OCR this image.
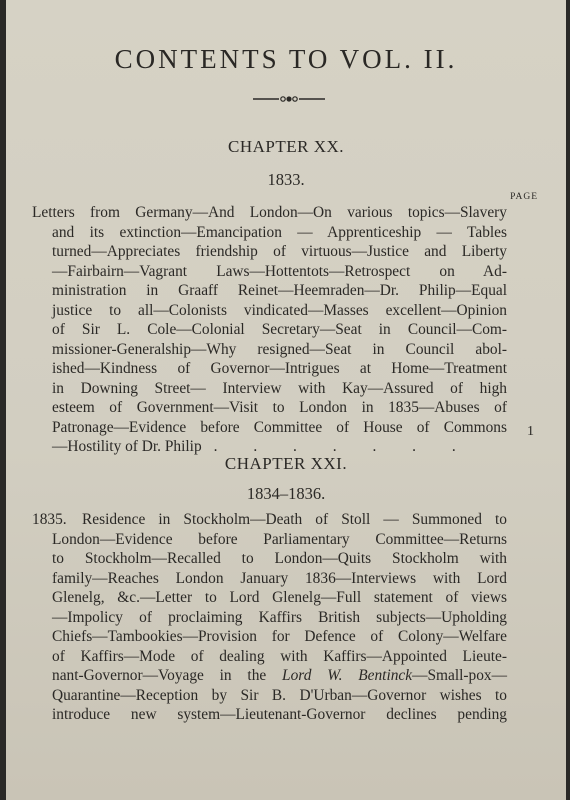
CONTENTS TO VOL. II.
CHAPTER XX.
1833.
PAGE
Letters from Germany—And London—On various topics—Slavery
and its extinction—Emancipation — Apprenticeship — Tables
turned—Appreciates friendship of virtuous—Justice and Liberty
—Fairbairn—Vagrant Laws—Hottentots—Retrospect on Ad-
ministration in Graaff Reinet—Heemraden—Dr. Philip—Equal
justice to all—Colonists vindicated—Masses excellent—Opinion
of Sir L. Cole—Colonial Secretary—Seat in Council—Com-
missioner-Generalship—Why resigned—Seat in Council abol-
ished—Kindness of Governor—Intrigues at Home—Treatment
in Downing Street— Interview with Kay—Assured of high
esteem of Government—Visit to London in 1835—Abuses of
Patronage—Evidence before Committee of House of Commons
—Hostility of Dr. Philip . . . . . . .
1
CHAPTER XXI.
1834–1836.
1835.  Residence in Stockholm—Death of Stoll — Summoned to
London—Evidence before Parliamentary Committee—Returns
to Stockholm—Recalled to London—Quits Stockholm with
family—Reaches London January 1836—Interviews with Lord
Glenelg, &c.—Letter to Lord Glenelg—Full statement of views
—Impolicy of proclaiming Kaffirs British subjects—Upholding
Chiefs—Tambookies—Provision for Defence of Colony—Welfare
of Kaffirs—Mode of dealing with Kaffirs—Appointed Lieute-
nant-Governor—Voyage in the Lord W. Bentinck—Small-pox—
Quarantine—Reception by Sir B. D'Urban—Governor wishes to
introduce new system—Lieutenant-Governor declines pending
